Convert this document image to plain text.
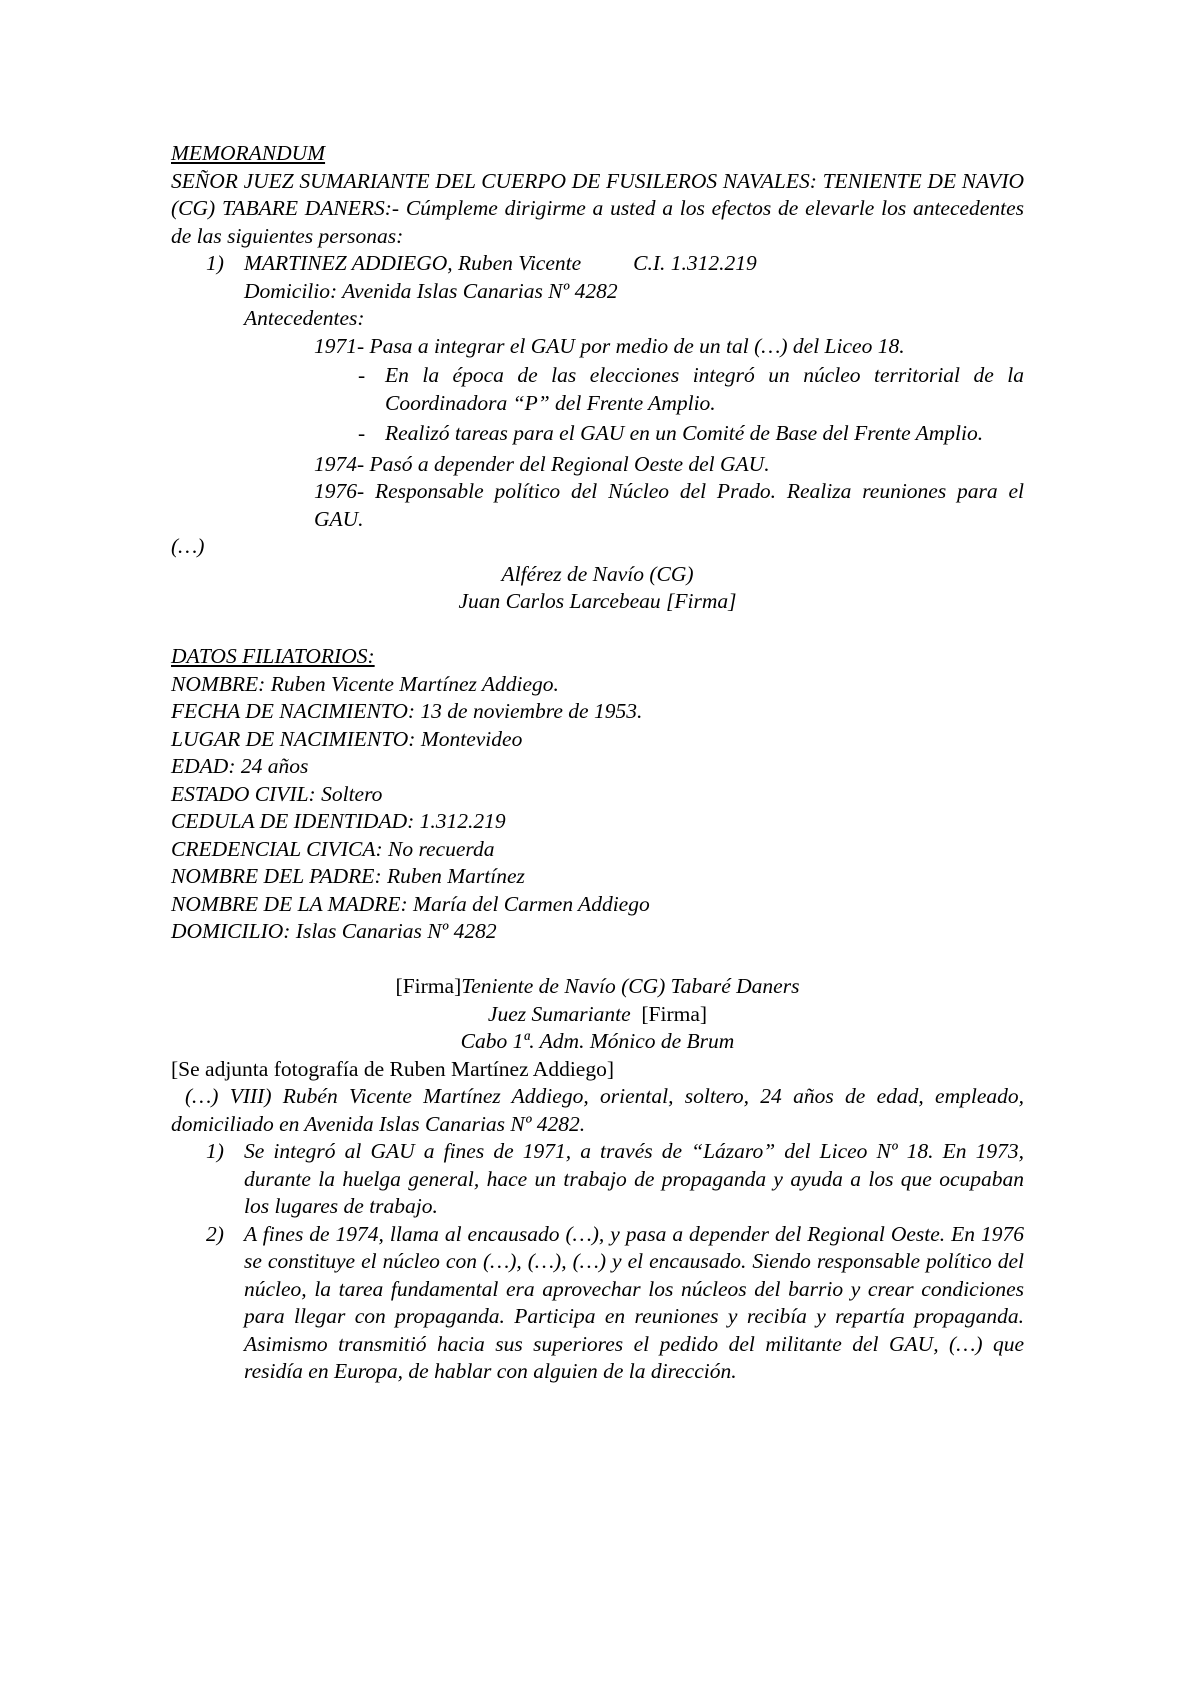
MEMORANDUM

SEÑOR JUEZ SUMARIANTE DEL CUERPO DE FUSILEROS NAVALES: TENIENTE DE NAVIO (CG) TABARE DANERS:- Cúmpleme dirigirme a usted a los efectos de elevarle los antecedentes de las siguientes personas:

1) MARTINEZ ADDIEGO, Ruben Vicente C.I. 1.312.219

Domicilio: Avenida Islas Canarias Nº 4282

Antecedentes:

1971- Pasa a integrar el GAU por medio de un tal (…) del Liceo 18.

- En la época de las elecciones integró un núcleo territorial de la Coordinadora “P” del Frente Amplio.
- Realizó tareas para el GAU en un Comité de Base del Frente Amplio.

1974- Pasó a depender del Regional Oeste del GAU.

1976- Responsable político del Núcleo del Prado. Realiza reuniones para el GAU.

(…)

Alférez de Navío (CG)

Juan Carlos Larcebeau [Firma]

DATOS FILIATORIOS:

NOMBRE: Ruben Vicente Martínez Addiego.

FECHA DE NACIMIENTO: 13 de noviembre de 1953.

LUGAR DE NACIMIENTO: Montevideo

EDAD: 24 años

ESTADO CIVIL: Soltero

CEDULA DE IDENTIDAD: 1.312.219

CREDENCIAL CIVICA: No recuerda

NOMBRE DEL PADRE: Ruben Martínez

NOMBRE DE LA MADRE: María del Carmen Addiego

DOMICILIO: Islas Canarias Nº 4282

[Firma]Teniente de Navío (CG) Tabaré Daners

Juez Sumariante [Firma]

Cabo 1ª. Adm. Mónico de Brum

[Se adjunta fotografía de Ruben Martínez Addiego]

(…) VIII) Rubén Vicente Martínez Addiego, oriental, soltero, 24 años de edad, empleado, domiciliado en Avenida Islas Canarias Nº 4282.

1) Se integró al GAU a fines de 1971, a través de “Lázaro” del Liceo Nº 18. En 1973, durante la huelga general, hace un trabajo de propaganda y ayuda a los que ocupaban los lugares de trabajo.
2) A fines de 1974, llama al encausado (…), y pasa a depender del Regional Oeste. En 1976 se constituye el núcleo con (…), (…), (…) y el encausado. Siendo responsable político del núcleo, la tarea fundamental era aprovechar los núcleos del barrio y crear condiciones para llegar con propaganda. Participa en reuniones y recibía y repartía propaganda. Asimismo transmitió hacia sus superiores el pedido del militante del GAU, (…) que residía en Europa, de hablar con alguien de la dirección.
